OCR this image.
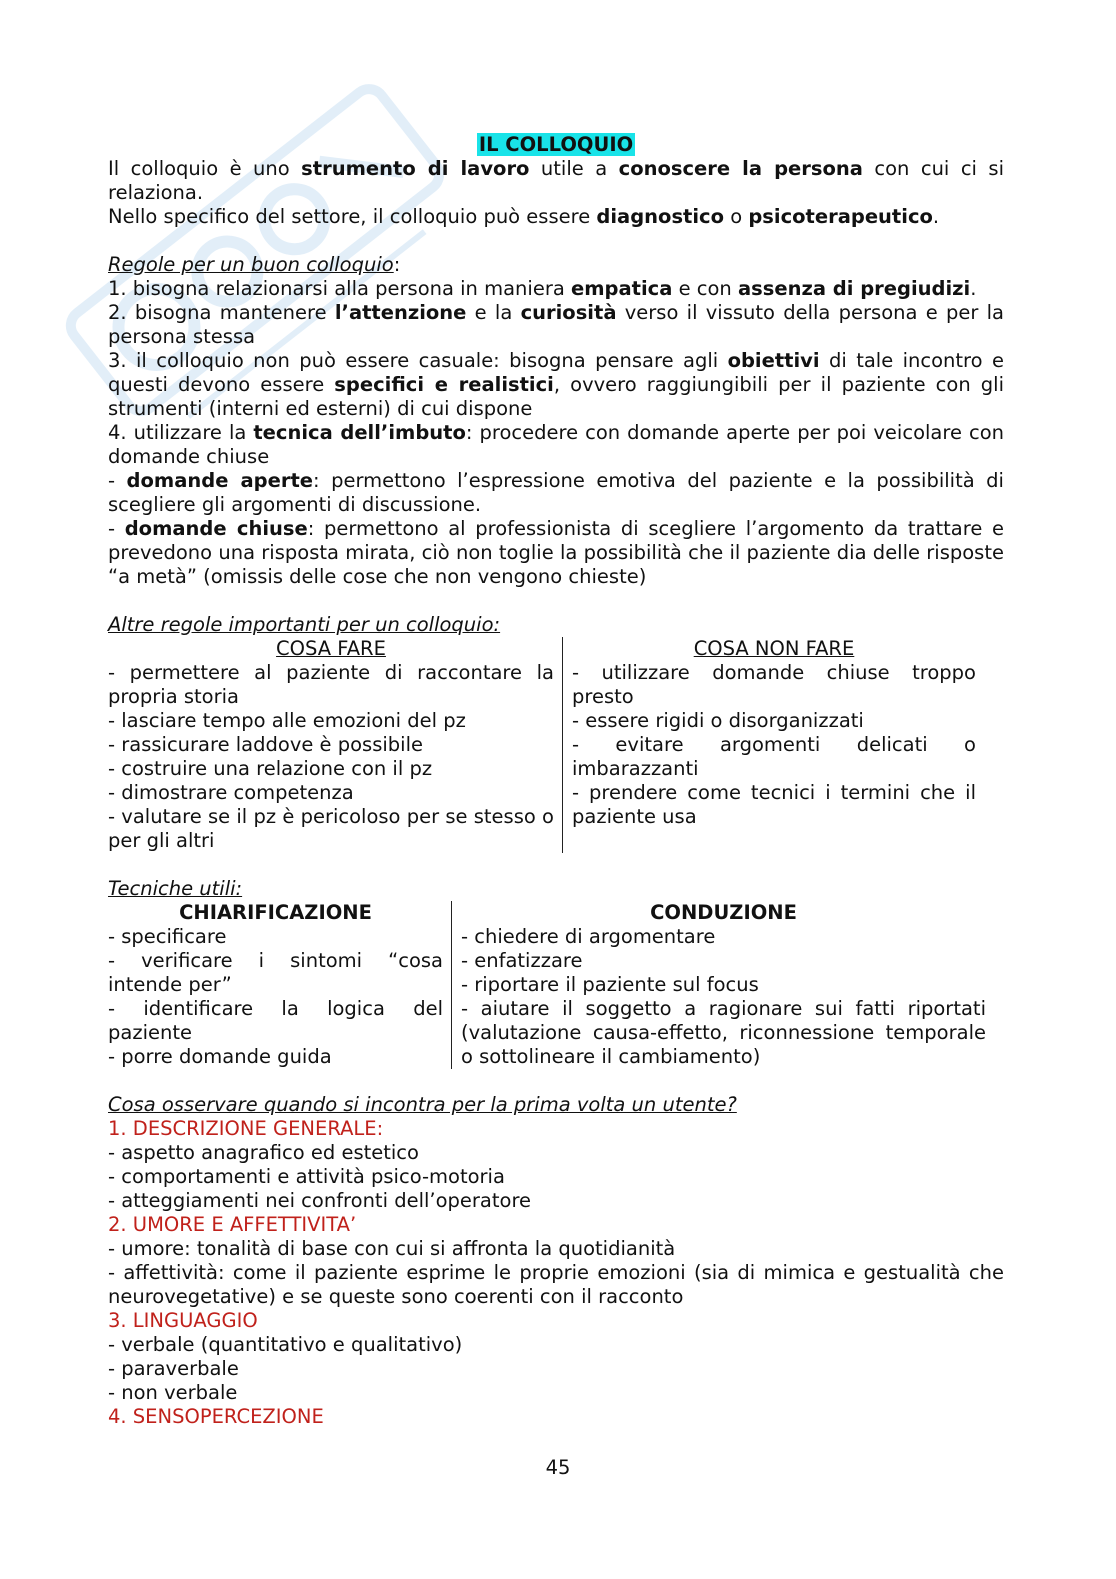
IL COLLOQUIO

Il colloquio è uno strumento di lavoro utile a conoscere la persona con cui ci si relaziona.

Nello specifico del settore, il colloquio può essere diagnostico o psicoterapeutico.

Regole per un buon colloquio:

1. bisogna relazionarsi alla persona in maniera empatica e con assenza di pregiudizi.

2. bisogna mantenere l’attenzione e la curiosità verso il vissuto della persona e per la persona stessa

3. il colloquio non può essere casuale: bisogna pensare agli obiettivi di tale incontro e questi devono essere specifici e realistici, ovvero raggiungibili per il paziente con gli strumenti (interni ed esterni) di cui dispone

4. utilizzare la tecnica dell’imbuto: procedere con domande aperte per poi veicolare con domande chiuse

- domande aperte: permettono l’espressione emotiva del paziente e la possibilità di scegliere gli argomenti di discussione.

- domande chiuse: permettono al professionista di scegliere l’argomento da trattare e prevedono una risposta mirata, ciò non toglie la possibilità che il paziente dia delle risposte “a metà” (omissis delle cose che non vengono chieste)

Altre regole importanti per un colloquio:

COSA FARE

- permettere al paziente di raccontare la propria storia

- lasciare tempo alle emozioni del pz

- rassicurare laddove è possibile

- costruire una relazione con il pz

- dimostrare competenza

- valutare se il pz è pericoloso per se stesso o per gli altri

COSA NON FARE

- utilizzare domande chiuse troppo presto

- essere rigidi o disorganizzati

- evitare argomenti delicati o imbarazzanti

- prendere come tecnici i termini che il paziente usa

Tecniche utili:

CHIARIFICAZIONE

- specificare

- verificare i sintomi “cosa intende per”

- identificare la logica del paziente

- porre domande guida

CONDUZIONE

- chiedere di argomentare

- enfatizzare

- riportare il paziente sul focus

- aiutare il soggetto a ragionare sui fatti riportati (valutazione causa-effetto, riconnessione temporale o sottolineare il cambiamento)

Cosa osservare quando si incontra per la prima volta un utente?

1. DESCRIZIONE GENERALE:

- aspetto anagrafico ed estetico

- comportamenti e attività psico-motoria

- atteggiamenti nei confronti dell’operatore

2. UMORE E AFFETTIVITA’

- umore: tonalità di base con cui si affronta la quotidianità

- affettività: come il paziente esprime le proprie emozioni (sia di mimica e gestualità che neurovegetative) e se queste sono coerenti con il racconto

3. LINGUAGGIO

- verbale (quantitativo e qualitativo)

- paraverbale

- non verbale

4. SENSOPERCEZIONE

45
